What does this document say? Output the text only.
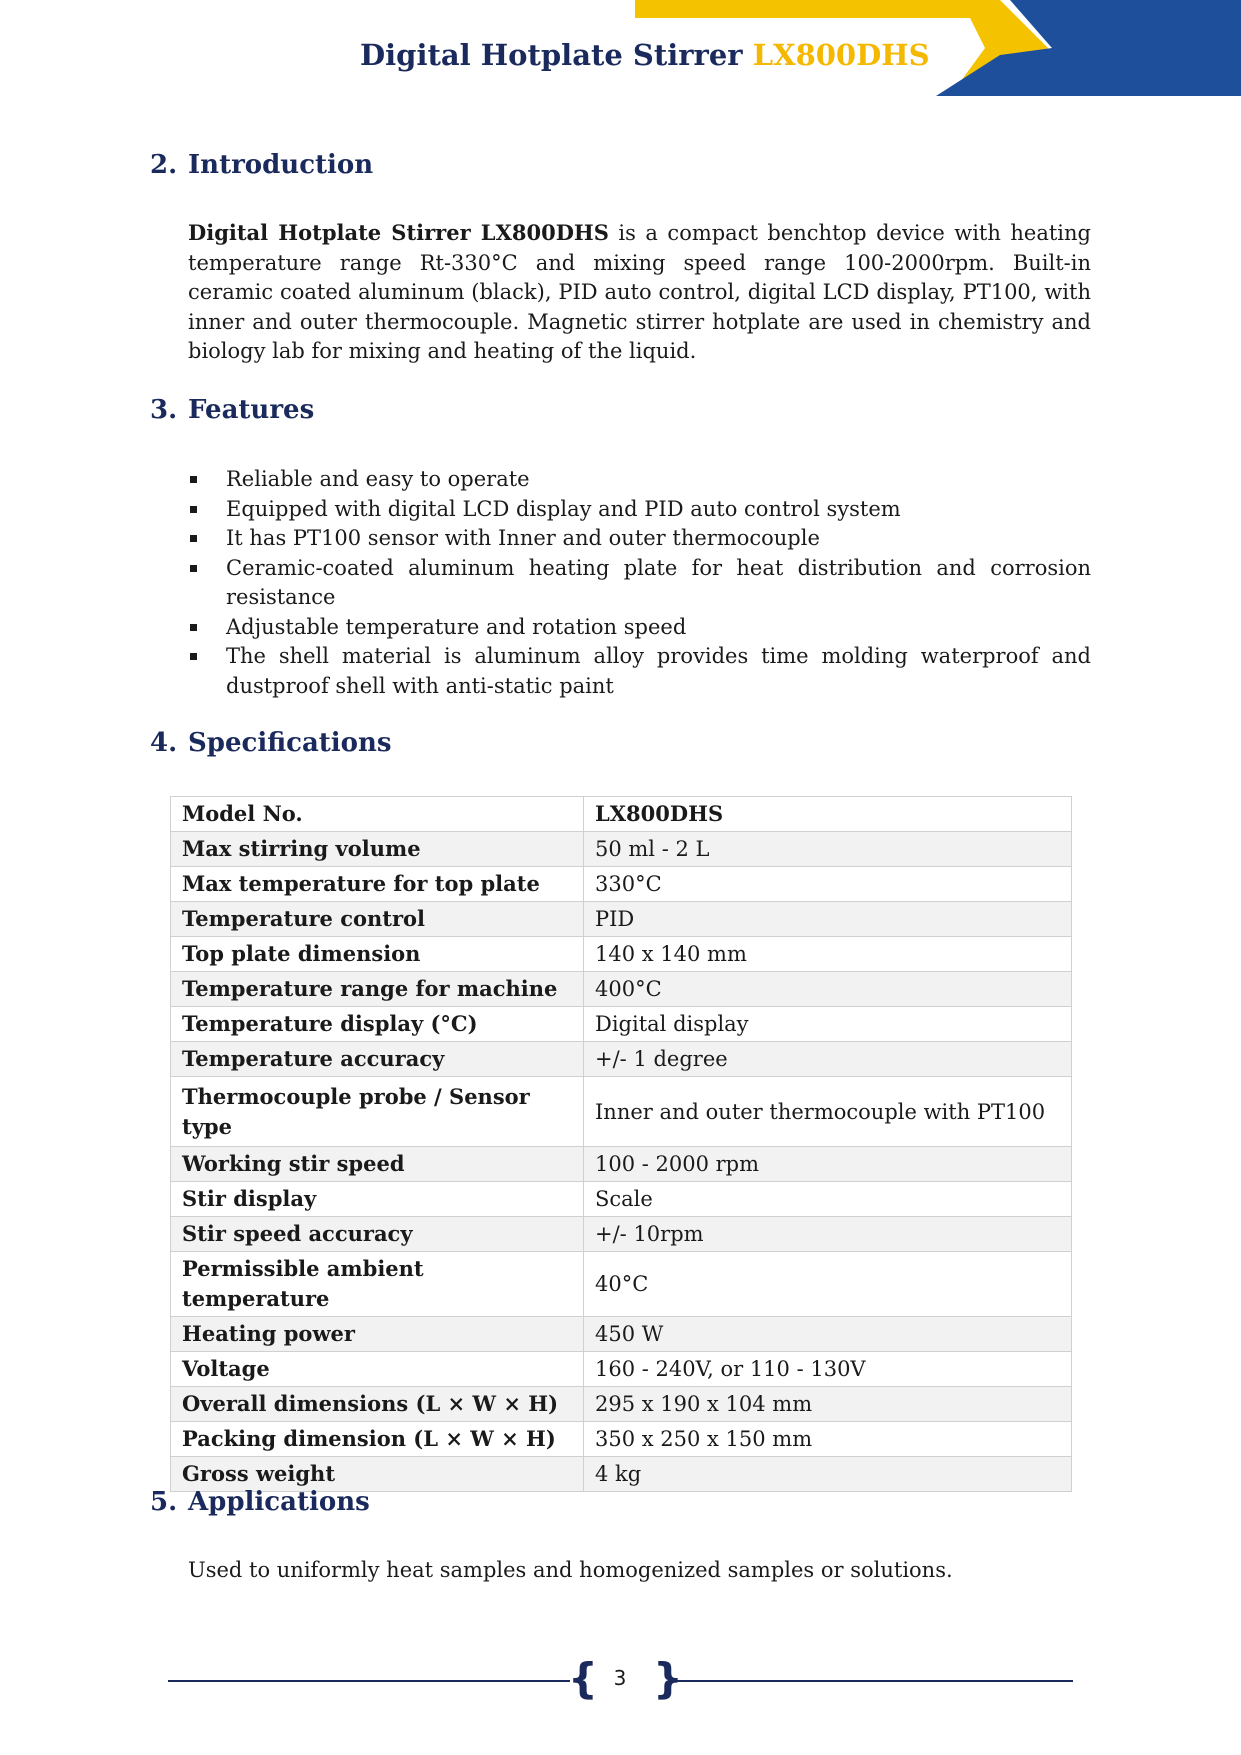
Digital Hotplate Stirrer LX800DHS
2. Introduction

Digital Hotplate Stirrer LX800DHS is a compact benchtop device with heating temperature range Rt-330°C and mixing speed range 100-2000rpm. Built-in ceramic coated aluminum (black), PID auto control, digital LCD display, PT100, with inner and outer thermocouple. Magnetic stirrer hotplate are used in chemistry and biology lab for mixing and heating of the liquid.

3. Features
Reliable and easy to operate
Equipped with digital LCD display and PID auto control system
It has PT100 sensor with Inner and outer thermocouple
Ceramic-coated aluminum heating plate for heat distribution and corrosion resistance
Adjustable temperature and rotation speed
The shell material is aluminum alloy provides time molding waterproof and dustproof shell with anti-static paint
4. Specifications
Model No.	LX800DHS
Max stirring volume	50 ml - 2 L
Max temperature for top plate	330°C
Temperature control	PID
Top plate dimension	140 x 140 mm
Temperature range for machine	400°C
Temperature display (°C)	Digital display
Temperature accuracy	+/- 1 degree
Thermocouple probe / Sensor type	Inner and outer thermocouple with PT100
Working stir speed	100 - 2000 rpm
Stir display	Scale
Stir speed accuracy	+/- 10rpm
Permissible ambient temperature	40°C
Heating power	450 W
Voltage	160 - 240V, or 110 - 130V
Overall dimensions (L × W × H)	295 x 190 x 104 mm
Packing dimension (L × W × H)	350 x 250 x 150 mm
Gross weight	4 kg
5. Applications

Used to uniformly heat samples and homogenized samples or solutions.

{ }
3
